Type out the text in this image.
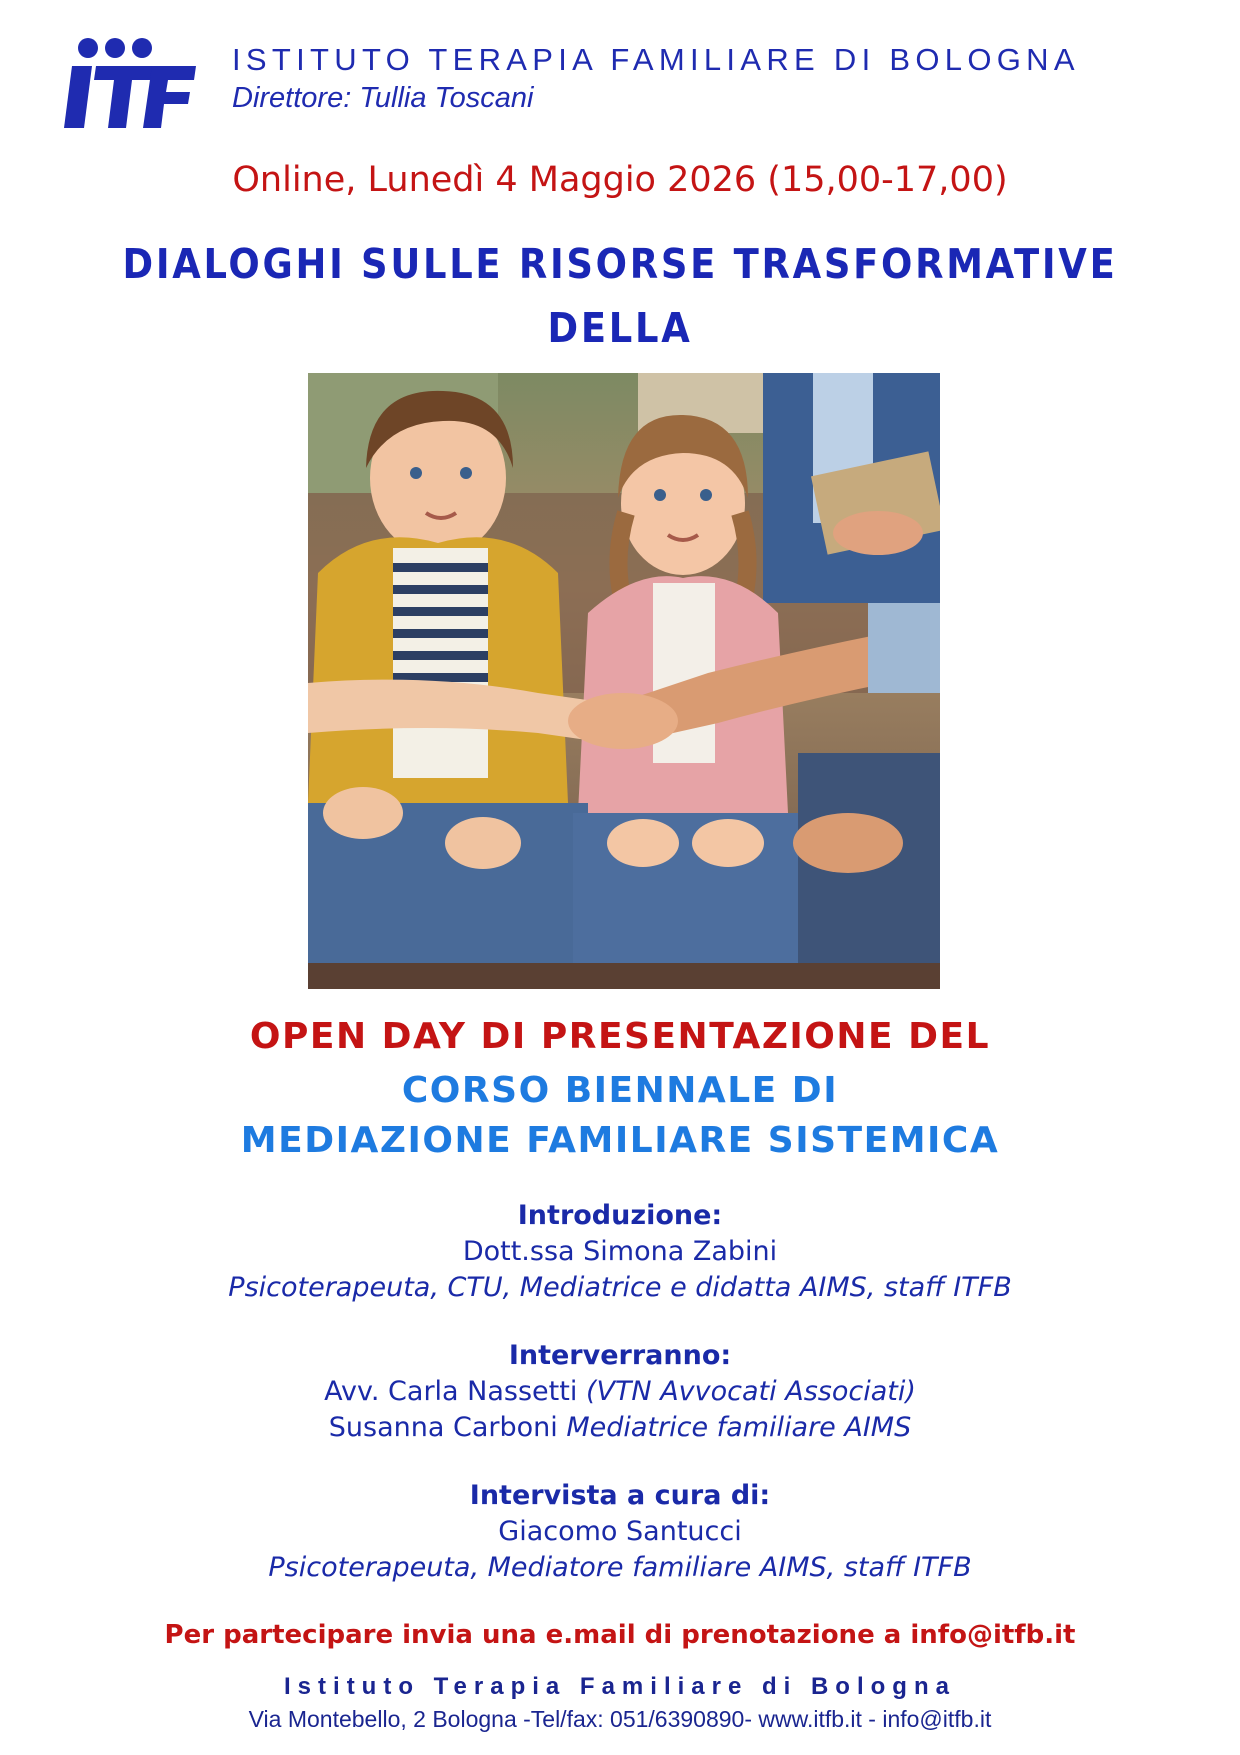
ISTITUTO TERAPIA FAMILIARE DI BOLOGNA
Direttore: Tullia Toscani
Online, Lunedì 4 Maggio 2026 (15,00-17,00)
DIALOGHI SULLE RISORSE TRASFORMATIVE DELLA
OPEN DAY DI PRESENTAZIONE DEL
CORSO BIENNALE DI
MEDIAZIONE FAMILIARE SISTEMICA
Introduzione:
Dott.ssa Simona Zabini
Psicoterapeuta, CTU, Mediatrice e didatta AIMS, staff ITFB
Interverranno:
Avv. Carla Nassetti (VTN Avvocati Associati)
Susanna Carboni Mediatrice familiare AIMS
Intervista a cura di:
Giacomo Santucci
Psicoterapeuta, Mediatore familiare AIMS, staff ITFB
Per partecipare invia una e.mail di prenotazione a info@itfb.it
Istituto Terapia Familiare di Bologna
Via Montebello, 2 Bologna -Tel/fax: 051/6390890- www.itfb.it - info@itfb.it
